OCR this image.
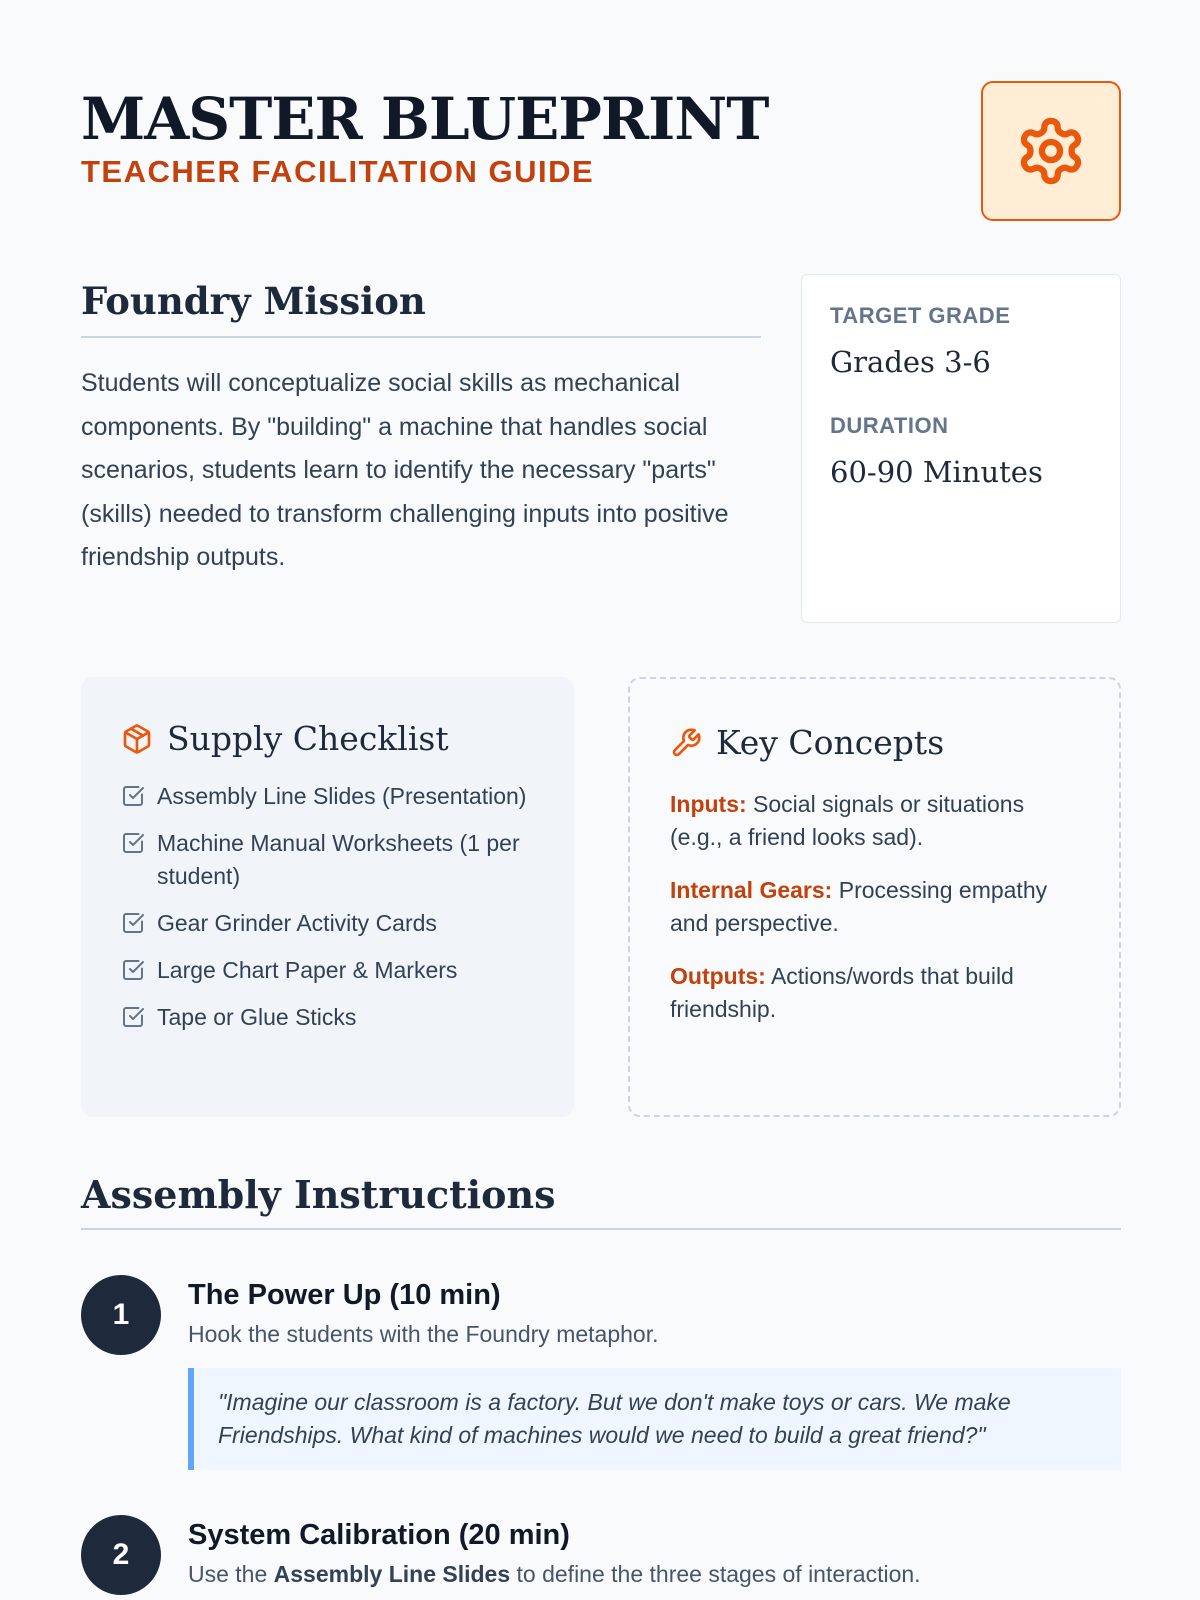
MASTER BLUEPRINT
TEACHER FACILITATION GUIDE
Foundry Mission

Students will conceptualize social skills as mechanical components. By "building" a machine that handles social scenarios, students learn to identify the necessary "parts" (skills) needed to transform challenging inputs into positive friendship outputs.

TARGET GRADE
Grades 3-6
DURATION
60-90 Minutes
Supply Checklist
Assembly Line Slides (Presentation)
Machine Manual Worksheets (1 per student)
Gear Grinder Activity Cards
Large Chart Paper & Markers
Tape or Glue Sticks
Key Concepts

Inputs: Social signals or situations (e.g., a friend looks sad).

Internal Gears: Processing empathy and perspective.

Outputs: Actions/words that build friendship.

Assembly Instructions
1
The Power Up (10 min)
Hook the students with the Foundry metaphor.
"Imagine our classroom is a factory. But we don't make toys or cars. We make Friendships. What kind of machines would we need to build a great friend?"
2
System Calibration (20 min)
Use the Assembly Line Slides to define the three stages of interaction.
